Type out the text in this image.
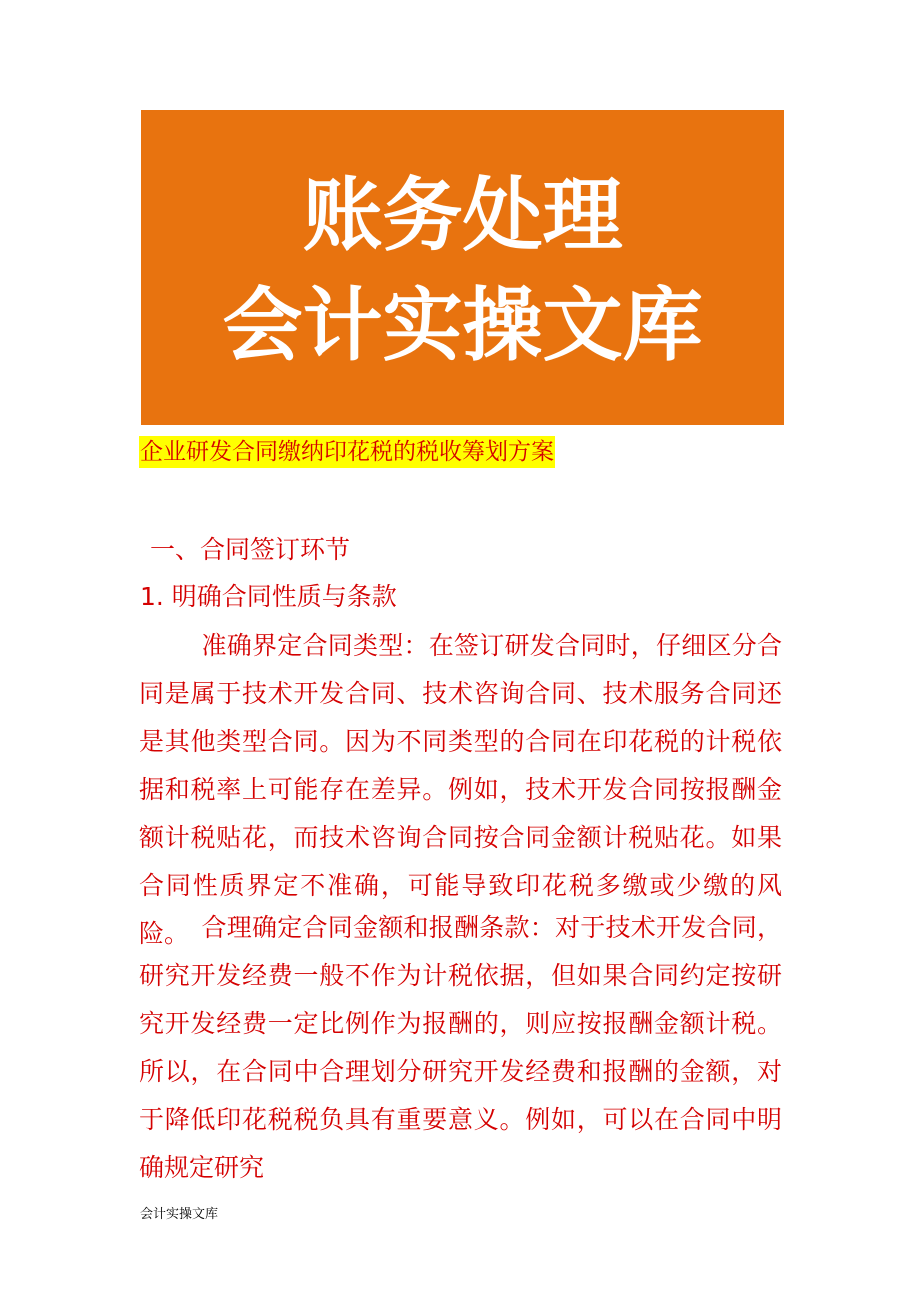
账务处理
会计实操文库
企业研发合同缴纳印花税的税收筹划方案
一、合同签订环节
1. 明确合同性质与条款

准确界定合同类型：在签订研发合同时，仔细区分合同是属于技术开发合同、技术咨询合同、技术服务合同还是其他类型合同。因为不同类型的合同在印花税的计税依据和税率上可能存在差异。例如，技术开发合同按报酬金额计税贴花，而技术咨询合同按合同金额计税贴花。如果合同性质界定不准确，可能导致印花税多缴或少缴的风险。 合理确定合同金额和报酬条款：对于技术开发合同，研究开发经费一般不作为计税依据，但如果合同约定按研究开发经费一定比例作为报酬的，则应按报酬金额计税。所以，在合同中合理划分研究开发经费和报酬的金额，对于降低印花税税负具有重要意义。例如，可以在合同中明确规定研究

会计实操文库
